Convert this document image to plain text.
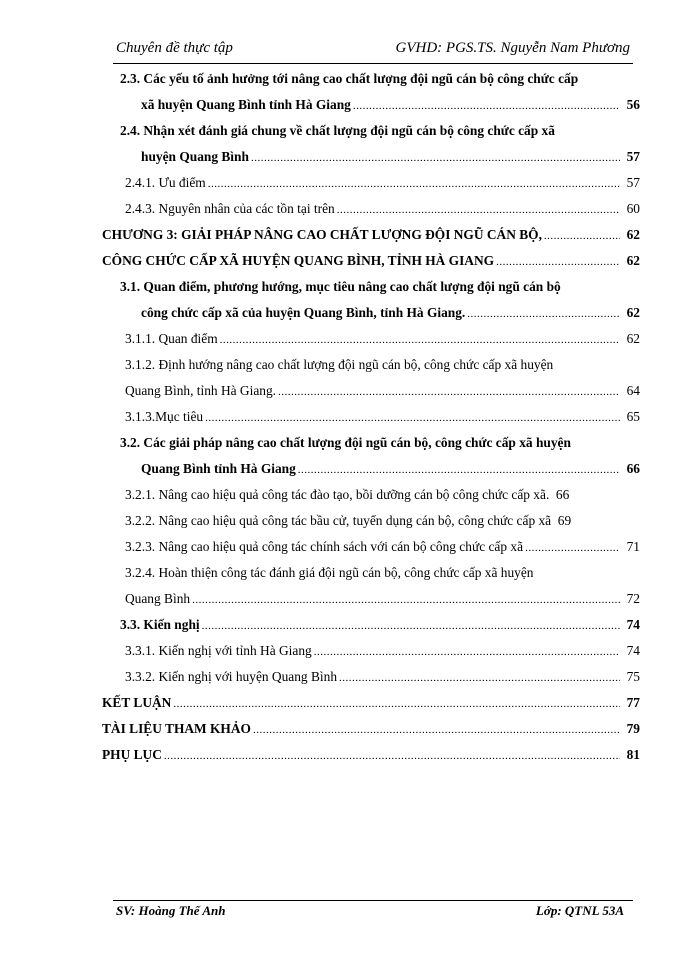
Chuyên đề thực tập	GVHD: PGS.TS. Nguyễn Nam Phương
2.3. Các yếu tố ảnh hưởng tới nâng cao chất lượng đội ngũ cán bộ công chức cấp
xã huyện Quang Bình tỉnh Hà Giang .....	56
2.4. Nhận xét đánh giá chung về chất lượng đội ngũ cán bộ công chức cấp xã
huyện Quang Bình .....	57
2.4.1. Ưu điểm .....	57
2.4.3. Nguyên nhân của các tồn tại trên .....	60
CHƯƠNG 3: GIẢI PHÁP NÂNG CAO CHẤT LƯỢNG ĐỘI NGŨ CÁN BỘ, .....	62
CÔNG CHỨC CẤP XÃ HUYỆN QUANG BÌNH, TỈNH HÀ GIANG .....	62
3.1. Quan điểm, phương hướng, mục tiêu nâng cao chất lượng đội ngũ cán bộ
công chức cấp xã của huyện Quang Bình, tỉnh Hà Giang. .....	62
3.1.1. Quan điểm .....	62
3.1.2. Định hướng nâng cao chất lượng đội ngũ cán bộ, công chức cấp xã huyện
Quang Bình, tỉnh Hà Giang. .....	64
3.1.3.Mục tiêu .....	65
3.2. Các giải pháp nâng cao chất lượng đội ngũ cán bộ, công chức cấp xã huyện
Quang Bình tỉnh Hà Giang .....	66
3.2.1. Nâng cao hiệu quả công tác đào tạo, bồi dưỡng cán bộ công chức cấp xã. 66
3.2.2. Nâng cao hiệu quả công tác bầu cử, tuyển dụng cán bộ, công chức cấp xã 69
3.2.3. Nâng cao hiệu quả công tác chính sách với cán bộ công chức cấp xã .....	71
3.2.4. Hoàn thiện công tác đánh giá đội ngũ cán bộ, công chức cấp xã huyện
Quang Bình .....	72
3.3. Kiến nghị .....	74
3.3.1. Kiến nghị với tỉnh Hà Giang .....	74
3.3.2. Kiến nghị với huyện Quang Bình .....	75
KẾT LUẬN .....	77
TÀI LIỆU THAM KHẢO .....	79
PHỤ LỤC .....	81
SV: Hoàng Thế Anh	Lớp: QTNL 53A
